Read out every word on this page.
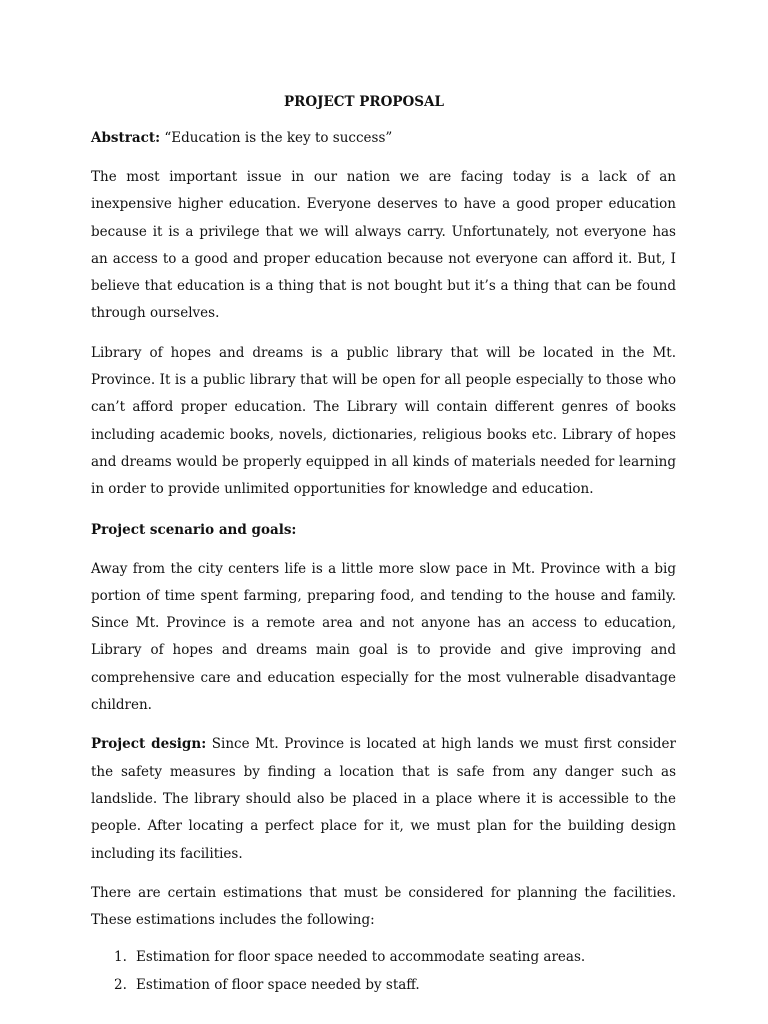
PROJECT PROPOSAL
Abstract: “Education is the key to success”

The most important issue in our nation we are facing today is a lack of an inexpensive higher education. Everyone deserves to have a good proper education because it is a privilege that we will always carry. Unfortunately, not everyone has an access to a good and proper education because not everyone can afford it. But, I believe that education is a thing that is not bought but it’s a thing that can be found through ourselves.

Library of hopes and dreams is a public library that will be located in the Mt. Province. It is a public library that will be open for all people especially to those who can’t afford proper education. The Library will contain different genres of books including academic books, novels, dictionaries, religious books etc. Library of hopes and dreams would be properly equipped in all kinds of materials needed for learning in order to provide unlimited opportunities for knowledge and education.

Project scenario and goals:

Away from the city centers life is a little more slow pace in Mt. Province with a big portion of time spent farming, preparing food, and tending to the house and family. Since Mt. Province is a remote area and not anyone has an access to education, Library of hopes and dreams main goal is to provide and give improving and comprehensive care and education especially for the most vulnerable disadvantage children.

Project design: Since Mt. Province is located at high lands we must first consider the safety measures by finding a location that is safe from any danger such as landslide. The library should also be placed in a place where it is accessible to the people. After locating a perfect place for it, we must plan for the building design including its facilities.

There are certain estimations that must be considered for planning the facilities. These estimations includes the following:

1. Estimation for floor space needed to accommodate seating areas.
2. Estimation of floor space needed by staff.
